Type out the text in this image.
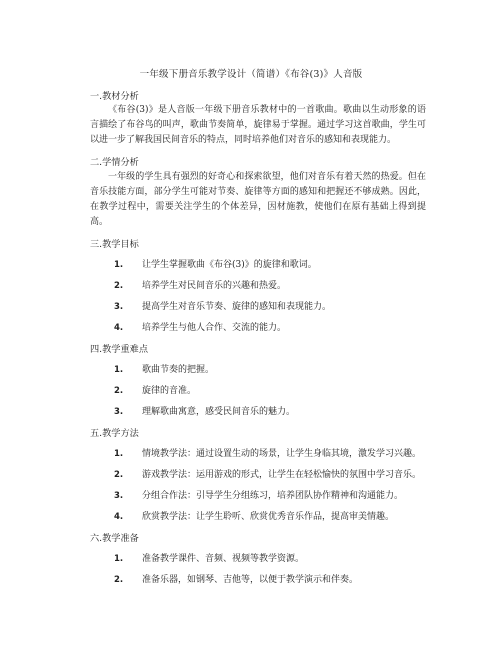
一年级下册音乐教学设计（简谱）《布谷(3)》人音版
一.教材分析

《布谷(3)》是人音版一年级下册音乐教材中的一首歌曲。歌曲以生动形象的语言描绘了布谷鸟的叫声，歌曲节奏简单，旋律易于掌握。通过学习这首歌曲，学生可以进一步了解我国民间音乐的特点，同时培养他们对音乐的感知和表现能力。

二.学情分析

一年级的学生具有强烈的好奇心和探索欲望，他们对音乐有着天然的热爱。但在音乐技能方面，部分学生可能对节奏、旋律等方面的感知和把握还不够成熟。因此，在教学过程中，需要关注学生的个体差异，因材施教，使他们在原有基础上得到提高。

三.教学目标
1. 让学生掌握歌曲《布谷(3)》的旋律和歌词。
2. 培养学生对民间音乐的兴趣和热爱。
3. 提高学生对音乐节奏、旋律的感知和表现能力。
4. 培养学生与他人合作、交流的能力。
四.教学重难点
1. 歌曲节奏的把握。
2. 旋律的音准。
3. 理解歌曲寓意，感受民间音乐的魅力。
五.教学方法
1. 情境教学法：通过设置生动的场景，让学生身临其境，激发学习兴趣。
2. 游戏教学法：运用游戏的形式，让学生在轻松愉快的氛围中学习音乐。
3. 分组合作法：引导学生分组练习，培养团队协作精神和沟通能力。
4. 欣赏教学法：让学生聆听、欣赏优秀音乐作品，提高审美情趣。
六.教学准备
1. 准备教学课件、音频、视频等教学资源。
2. 准备乐器，如钢琴、吉他等，以便于教学演示和伴奏。
